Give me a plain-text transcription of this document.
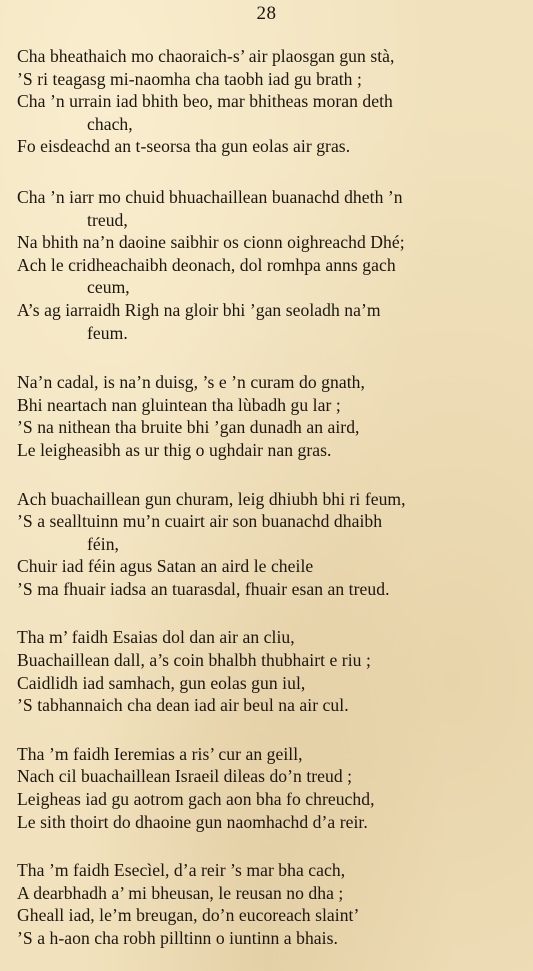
28
Cha bheathaich mo chaoraich-s’ air plaosgan gun stà,
’S ri teagasg mi-naomha cha taobh iad gu brath ;
Cha ’n urrain iad bhith beo, mar bhitheas moran deth
chach,
Fo eisdeachd an t-seorsa tha gun eolas air gras.
Cha ’n iarr mo chuid bhuachaillean buanachd dheth ’n
treud,
Na bhith na’n daoine saibhir os cionn oighreachd Dhé;
Ach le cridheachaibh deonach, dol romhpa anns gach
ceum,
A’s ag iarraidh Righ na gloir bhi ’gan seoladh na’m
feum.
Na’n cadal, is na’n duisg, ’s e ’n curam do gnath,
Bhi neartach nan gluintean tha lùbadh gu lar ;
’S na nithean tha bruite bhi ’gan dunadh an aird,
Le leigheasibh as ur thig o ughdair nan gras.
Ach buachaillean gun churam, leig dhiubh bhi ri feum,
’S a sealltuinn mu’n cuairt air son buanachd dhaibh
féin,
Chuir iad féin agus Satan an aird le cheile
’S ma fhuair iadsa an tuarasdal, fhuair esan an treud.
Tha m’ faidh Esaias dol dan air an cliu,
Buachaillean dall, a’s coin bhalbh thubhairt e riu ;
Caidlidh iad samhach, gun eolas gun iul,
’S tabhannaich cha dean iad air beul na air cul.
Tha ’m faidh Ieremias a ris’ cur an geill,
Nach cil buachaillean Israeil dileas do’n treud ;
Leigheas iad gu aotrom gach aon bha fo chreuchd,
Le sith thoirt do dhaoine gun naomhachd d’a reir.
Tha ’m faidh Esecìel, d’a reir ’s mar bha cach,
A dearbhadh a’ mi bheusan, le reusan no dha ;
Gheall iad, le’m breugan, do’n eucoreach slaint’
’S a h-aon cha robh pilltinn o iuntinn a bhais.
